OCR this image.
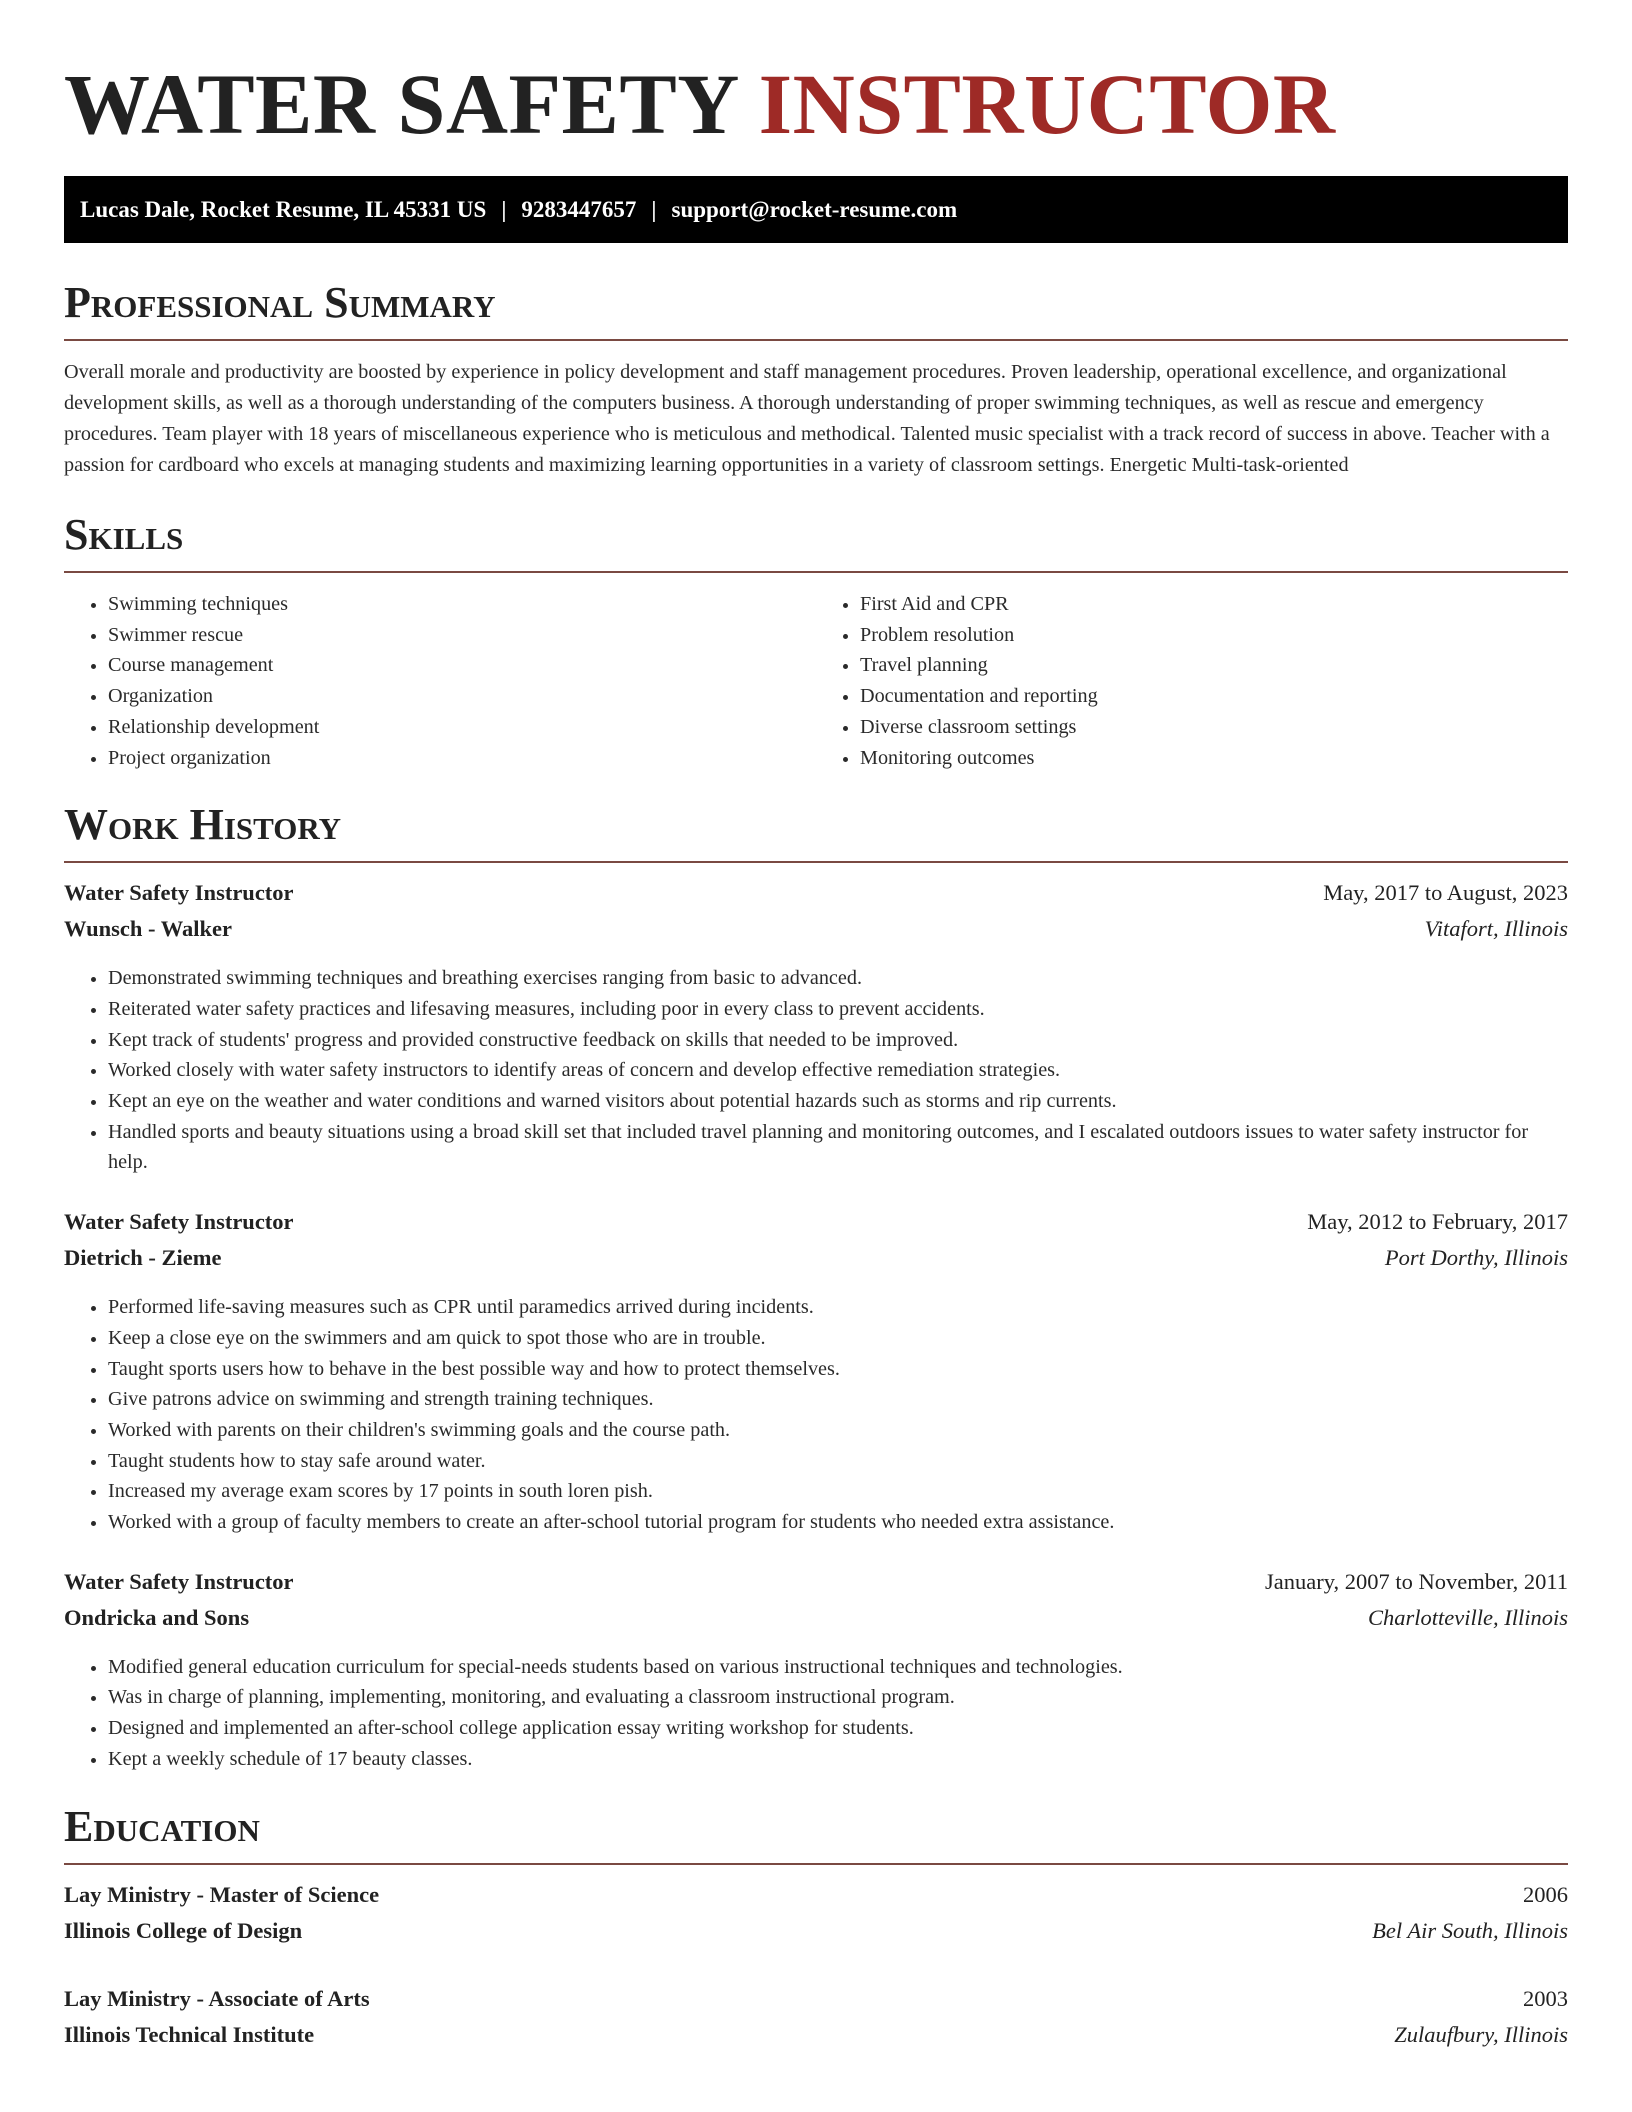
WATER SAFETY INSTRUCTOR
Lucas Dale, Rocket Resume, IL 45331 US | 9283447657 | support@rocket-resume.com
Professional Summary

Overall morale and productivity are boosted by experience in policy development and staff management procedures. Proven leadership, operational excellence, and organizational development skills, as well as a thorough understanding of the computers business. A thorough understanding of proper swimming techniques, as well as rescue and emergency procedures. Team player with 18 years of miscellaneous experience who is meticulous and methodical. Talented music specialist with a track record of success in above. Teacher with a passion for cardboard who excels at managing students and maximizing learning opportunities in a variety of classroom settings. Energetic Multi-task-oriented

Skills
• Swimming techniques
• Swimmer rescue
• Course management
• Organization
• Relationship development
• Project organization
• First Aid and CPR
• Problem resolution
• Travel planning
• Documentation and reporting
• Diverse classroom settings
• Monitoring outcomes
Work History
Water Safety Instructor	May, 2017 to August, 2023
Wunsch - Walker	Vitafort, Illinois
• Demonstrated swimming techniques and breathing exercises ranging from basic to advanced.
• Reiterated water safety practices and lifesaving measures, including poor in every class to prevent accidents.
• Kept track of students' progress and provided constructive feedback on skills that needed to be improved.
• Worked closely with water safety instructors to identify areas of concern and develop effective remediation strategies.
• Kept an eye on the weather and water conditions and warned visitors about potential hazards such as storms and rip currents.
• Handled sports and beauty situations using a broad skill set that included travel planning and monitoring outcomes, and I escalated outdoors issues to water safety instructor for help.
Water Safety Instructor	May, 2012 to February, 2017
Dietrich - Zieme	Port Dorthy, Illinois
• Performed life-saving measures such as CPR until paramedics arrived during incidents.
• Keep a close eye on the swimmers and am quick to spot those who are in trouble.
• Taught sports users how to behave in the best possible way and how to protect themselves.
• Give patrons advice on swimming and strength training techniques.
• Worked with parents on their children's swimming goals and the course path.
• Taught students how to stay safe around water.
• Increased my average exam scores by 17 points in south loren pish.
• Worked with a group of faculty members to create an after-school tutorial program for students who needed extra assistance.
Water Safety Instructor	January, 2007 to November, 2011
Ondricka and Sons	Charlotteville, Illinois
• Modified general education curriculum for special-needs students based on various instructional techniques and technologies.
• Was in charge of planning, implementing, monitoring, and evaluating a classroom instructional program.
• Designed and implemented an after-school college application essay writing workshop for students.
• Kept a weekly schedule of 17 beauty classes.
Education
Lay Ministry - Master of Science	2006
Illinois College of Design	Bel Air South, Illinois
Lay Ministry - Associate of Arts	2003
Illinois Technical Institute	Zulaufbury, Illinois
